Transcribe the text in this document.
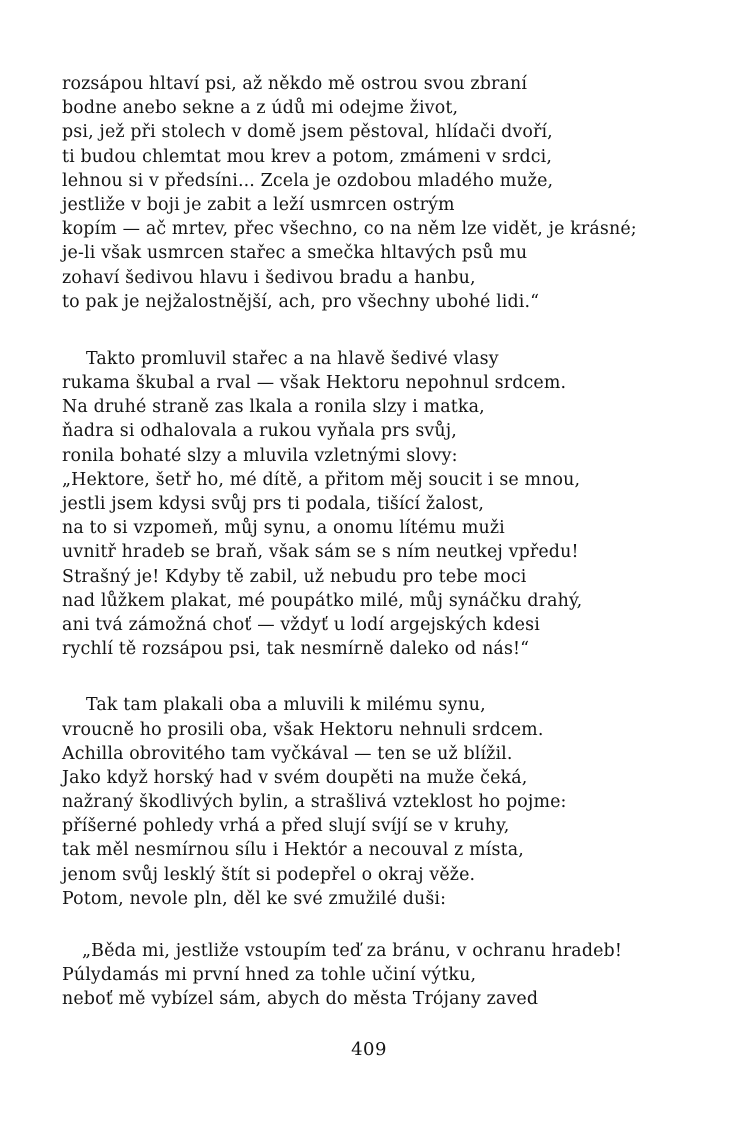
rozsápou hltaví psi, až někdo mě ostrou svou zbraní
bodne anebo sekne a z údů mi odejme život,
psi, jež při stolech v domě jsem pěstoval, hlídači dvoří,
ti budou chlemtat mou krev a potom, zmámeni v srdci,
lehnou si v předsíni... Zcela je ozdobou mladého muže,
jestliže v boji je zabit a leží usmrcen ostrým
kopím — ač mrtev, přec všechno, co na něm lze vidět, je krásné;
je-li však usmrcen stařec a smečka hltavých psů mu
zohaví šedivou hlavu i šedivou bradu a hanbu,
to pak je nejžalostnější, ach, pro všechny ubohé lidi.“
Takto promluvil stařec a na hlavě šedivé vlasy
rukama škubal a rval — však Hektoru nepohnul srdcem.
Na druhé straně zas lkala a ronila slzy i matka,
ňadra si odhalovala a rukou vyňala prs svůj,
ronila bohaté slzy a mluvila vzletnými slovy:
„Hektore, šetř ho, mé dítě, a přitom měj soucit i se mnou,
jestli jsem kdysi svůj prs ti podala, tišící žalost,
na to si vzpomeň, můj synu, a onomu lítému muži
uvnitř hradeb se braň, však sám se s ním neutkej vpředu!
Strašný je! Kdyby tě zabil, už nebudu pro tebe moci
nad lůžkem plakat, mé poupátko milé, můj synáčku drahý,
ani tvá zámožná choť — vždyť u lodí argejských kdesi
rychlí tě rozsápou psi, tak nesmírně daleko od nás!“
Tak tam plakali oba a mluvili k milému synu,
vroucně ho prosili oba, však Hektoru nehnuli srdcem.
Achilla obrovitého tam vyčkával — ten se už blížil.
Jako když horský had v svém doupěti na muže čeká,
nažraný škodlivých bylin, a strašlivá vzteklost ho pojme:
příšerné pohledy vrhá a před slují svíjí se v kruhy,
tak měl nesmírnou sílu i Hektór a necouval z místa,
jenom svůj lesklý štít si podepřel o okraj věže.
Potom, nevole pln, děl ke své zmužilé duši:
„Běda mi, jestliže vstoupím teď za bránu, v ochranu hradeb!
Púlydamás mi první hned za tohle učiní výtku,
neboť mě vybízel sám, abych do města Trójany zaved
409
